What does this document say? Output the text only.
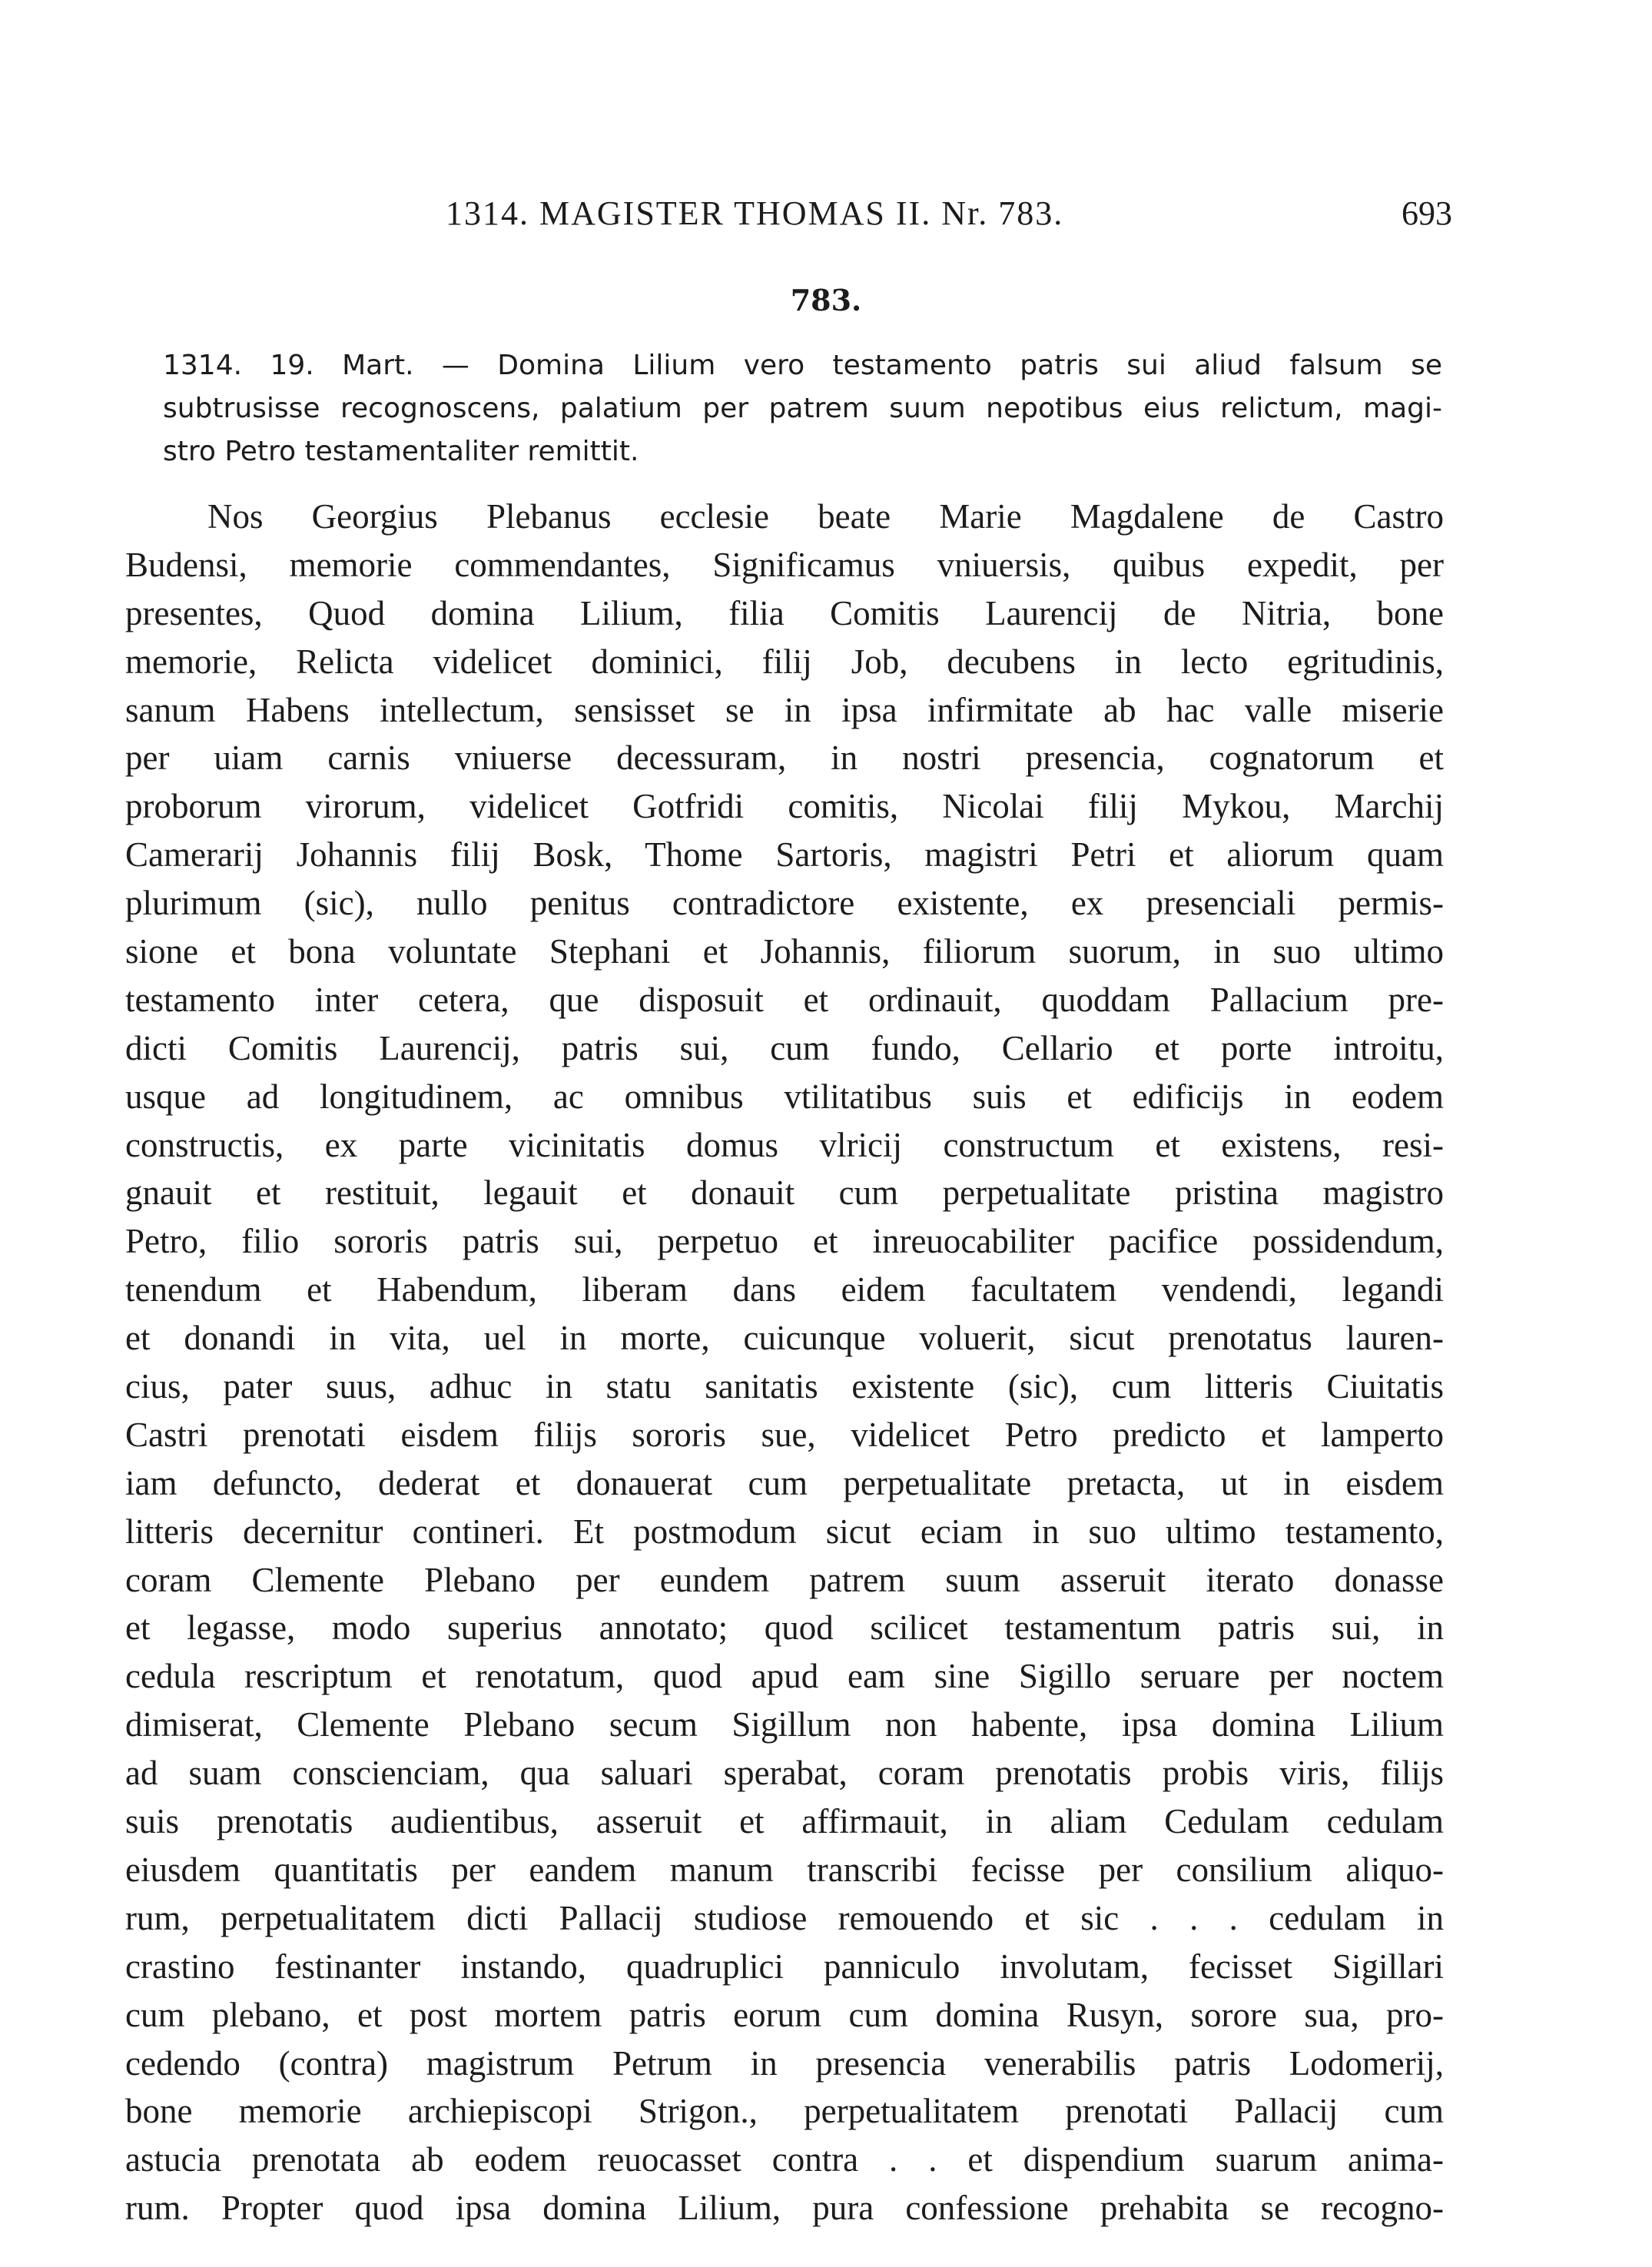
1314. MAGISTER THOMAS II. Nr. 783.	693
783.
1314. 19. Mart. — Domina Lilium vero testamento patris sui aliud falsum se
subtrusisse recognoscens, palatium per patrem suum nepotibus eius relictum, magi-
stro Petro testamentaliter remittit.
Nos Georgius Plebanus ecclesie beate Marie Magdalene de Castro
Budensi, memorie commendantes, Significamus vniuersis, quibus expedit, per
presentes, Quod domina Lilium, filia Comitis Laurencij de Nitria, bone
memorie, Relicta videlicet dominici, filij Job, decubens in lecto egritudinis,
sanum Habens intellectum, sensisset se in ipsa infirmitate ab hac valle miserie
per uiam carnis vniuerse decessuram, in nostri presencia, cognatorum et
proborum virorum, videlicet Gotfridi comitis, Nicolai filij Mykou, Marchij
Camerarij Johannis filij Bosk, Thome Sartoris, magistri Petri et aliorum quam
plurimum (sic), nullo penitus contradictore existente, ex presenciali permis-
sione et bona voluntate Stephani et Johannis, filiorum suorum, in suo ultimo
testamento inter cetera, que disposuit et ordinauit, quoddam Pallacium pre-
dicti Comitis Laurencij, patris sui, cum fundo, Cellario et porte introitu,
usque ad longitudinem, ac omnibus vtilitatibus suis et edificijs in eodem
constructis, ex parte vicinitatis domus vlricij constructum et existens, resi-
gnauit et restituit, legauit et donauit cum perpetualitate pristina magistro
Petro, filio sororis patris sui, perpetuo et inreuocabiliter pacifice possidendum,
tenendum et Habendum, liberam dans eidem facultatem vendendi, legandi
et donandi in vita, uel in morte, cuicunque voluerit, sicut prenotatus lauren-
cius, pater suus, adhuc in statu sanitatis existente (sic), cum litteris Ciuitatis
Castri prenotati eisdem filijs sororis sue, videlicet Petro predicto et lamperto
iam defuncto, dederat et donauerat cum perpetualitate pretacta, ut in eisdem
litteris decernitur contineri. Et postmodum sicut eciam in suo ultimo testamento,
coram Clemente Plebano per eundem patrem suum asseruit iterato donasse
et legasse, modo superius annotato; quod scilicet testamentum patris sui, in
cedula rescriptum et renotatum, quod apud eam sine Sigillo seruare per noctem
dimiserat, Clemente Plebano secum Sigillum non habente, ipsa domina Lilium
ad suam conscienciam, qua saluari sperabat, coram prenotatis probis viris, filijs
suis prenotatis audientibus, asseruit et affirmauit, in aliam Cedulam cedulam
eiusdem quantitatis per eandem manum transcribi fecisse per consilium aliquo-
rum, perpetualitatem dicti Pallacij studiose remouendo et sic . . . cedulam in
crastino festinanter instando, quadruplici panniculo involutam, fecisset Sigillari
cum plebano, et post mortem patris eorum cum domina Rusyn, sorore sua, pro-
cedendo (contra) magistrum Petrum in presencia venerabilis patris Lodomerij,
bone memorie archiepiscopi Strigon., perpetualitatem prenotati Pallacij cum
astucia prenotata ab eodem reuocasset contra . . et dispendium suarum anima-
rum. Propter quod ipsa domina Lilium, pura confessione prehabita se recogno-
